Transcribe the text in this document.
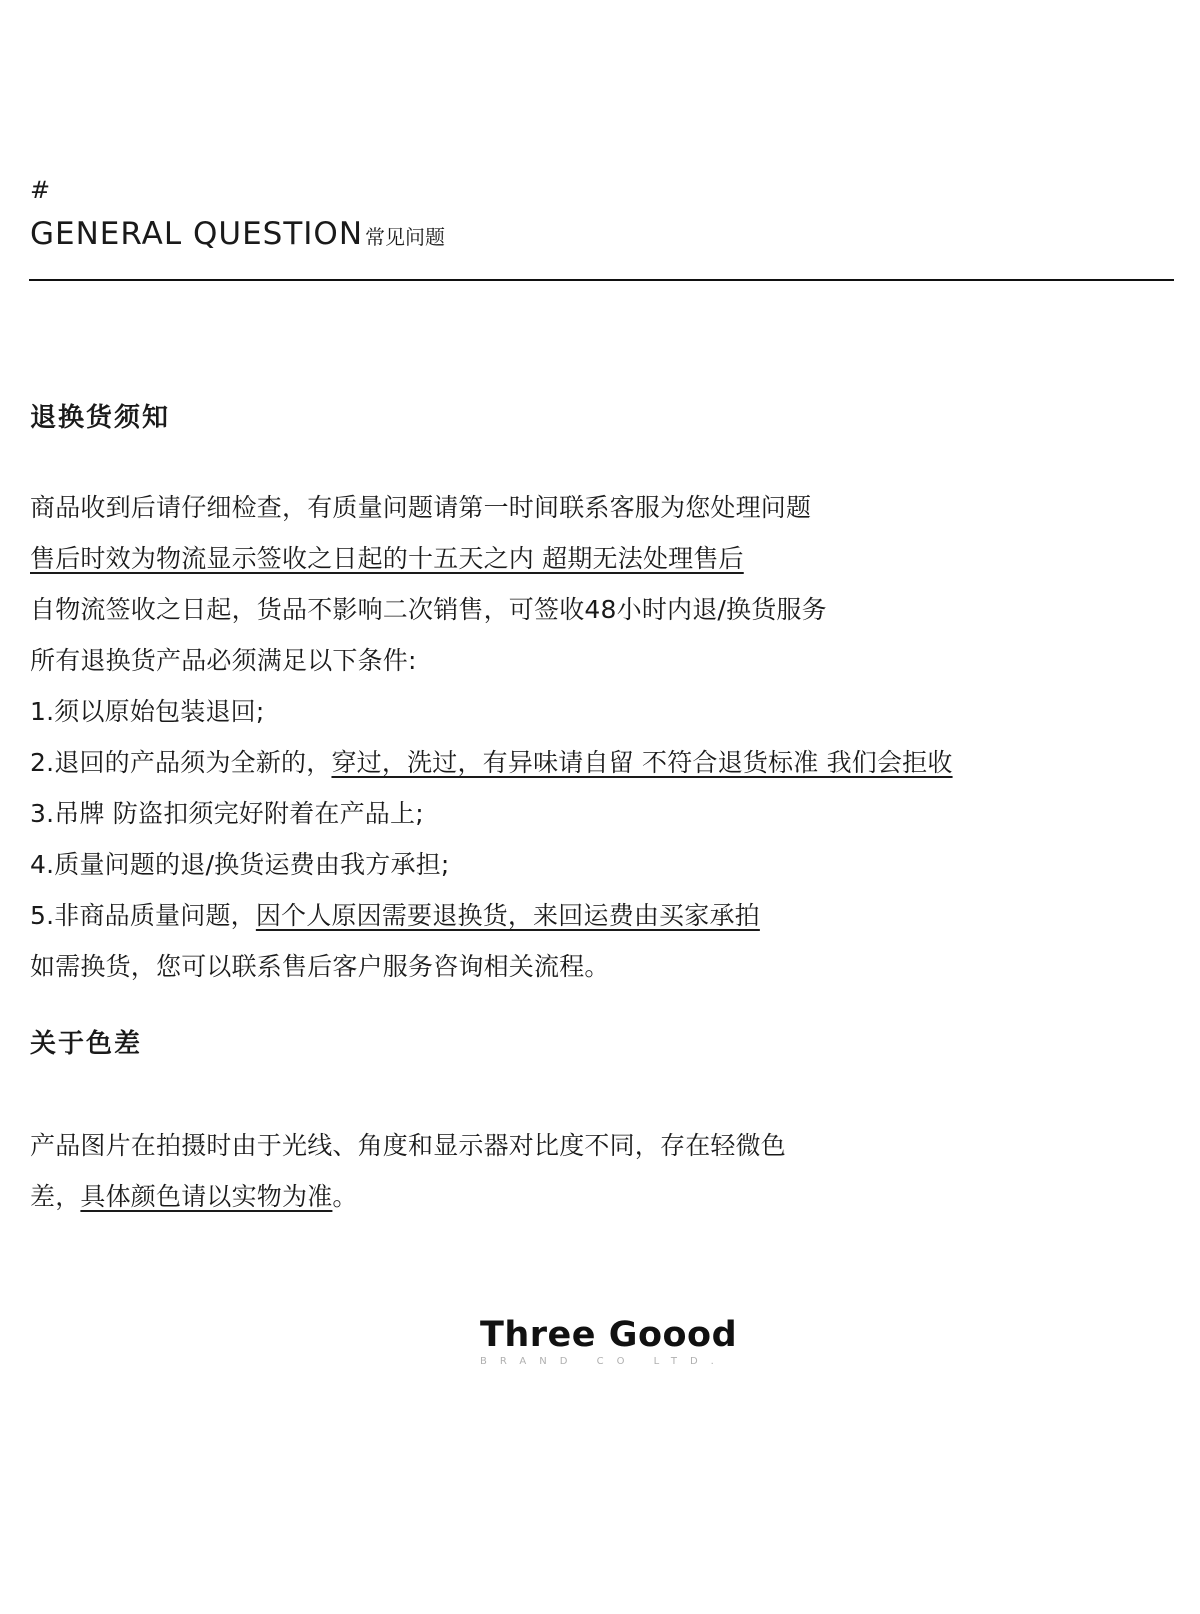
#
GENERAL QUESTION 常见问题
退换货须知
商品收到后请仔细检查，有质量问题请第一时间联系客服为您处理问题
售后时效为物流显示签收之日起的十五天之内 超期无法处理售后
自物流签收之日起，货品不影响二次销售，可签收48小时内退/换货服务
所有退换货产品必须满足以下条件:
1.须以原始包装退回;
2.退回的产品须为全新的，穿过，洗过，有异味请自留 不符合退货标准 我们会拒收
3.吊牌 防盗扣须完好附着在产品上;
4.质量问题的退/换货运费由我方承担;
5.非商品质量问题，因个人原因需要退换货，来回运费由买家承拍
如需换货，您可以联系售后客户服务咨询相关流程。
关于色差
产品图片在拍摄时由于光线、角度和显示器对比度不同，存在轻微色
差，具体颜色请以实物为准。
Three Goood
BRAND CO LTD.
